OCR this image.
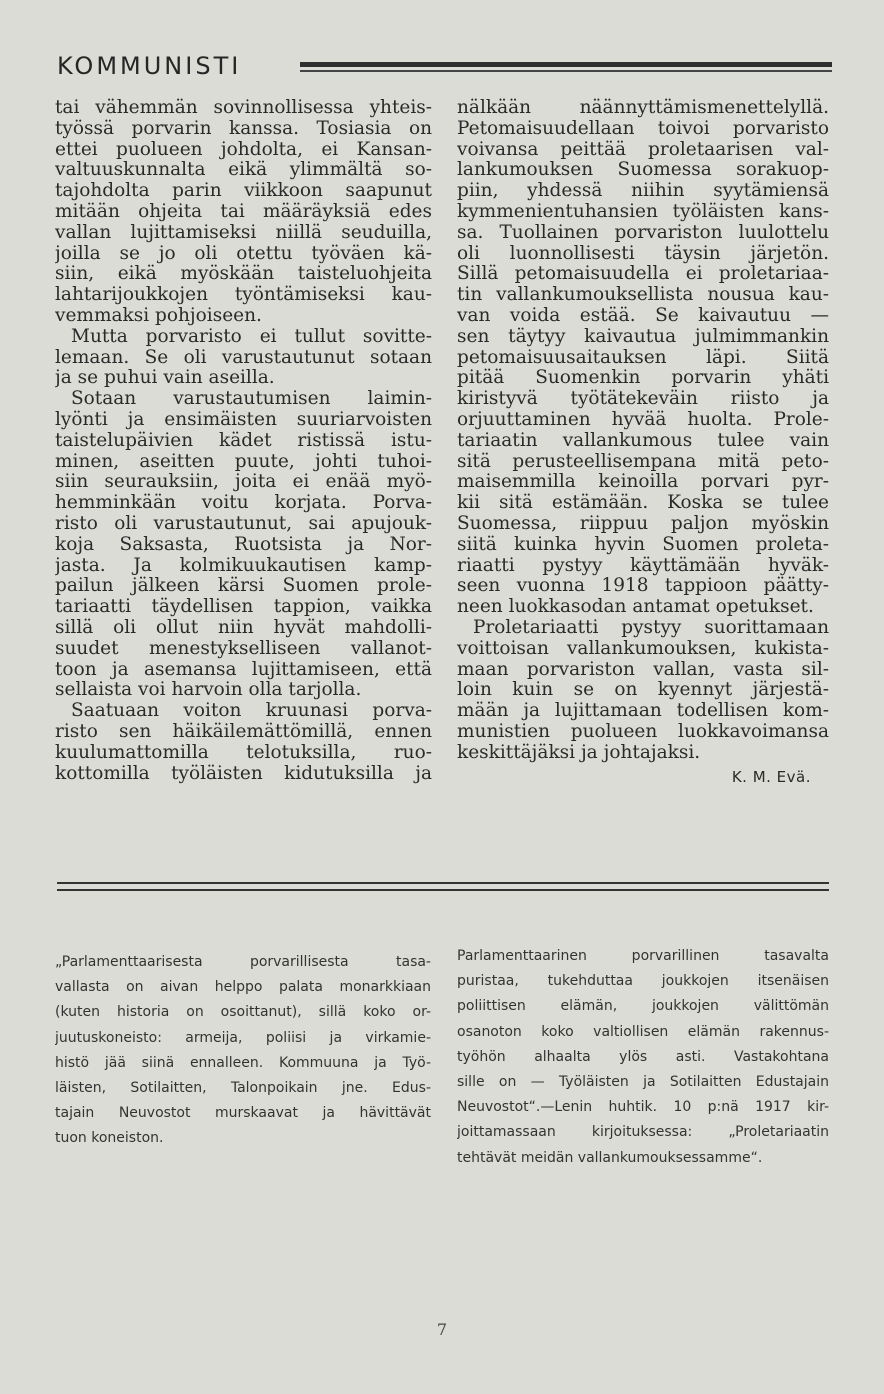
KOMMUNISTI
tai vähemmän sovinnollisessa yhteis-
työssä porvarin kanssa. Tosiasia on
ettei puolueen johdolta, ei Kansan-
valtuuskunnalta eikä ylimmältä so-
tajohdolta parin viikkoon saapunut
mitään ohjeita tai määräyksiä edes
vallan lujittamiseksi niillä seuduilla,
joilla se jo oli otettu työväen kä-
siin, eikä myöskään taisteluohjeita
lahtarijoukkojen työntämiseksi kau-
vemmaksi pohjoiseen.
Mutta porvaristo ei tullut sovitte-
lemaan. Se oli varustautunut sotaan
ja se puhui vain aseilla.
Sotaan varustautumisen laimin-
lyönti ja ensimäisten suuriarvoisten
taistelupäivien kädet ristissä istu-
minen, aseitten puute, johti tuhoi-
siin seurauksiin, joita ei enää myö-
hemminkään voitu korjata. Porva-
risto oli varustautunut, sai apujouk-
koja Saksasta, Ruotsista ja Nor-
jasta. Ja kolmikuukautisen kamp-
pailun jälkeen kärsi Suomen prole-
tariaatti täydellisen tappion, vaikka
sillä oli ollut niin hyvät mahdolli-
suudet menestykselliseen vallanot-
toon ja asemansa lujittamiseen, että
sellaista voi harvoin olla tarjolla.
Saatuaan voiton kruunasi porva-
risto sen häikäilemättömillä, ennen
kuulumattomilla telotuksilla, ruo-
kottomilla työläisten kidutuksilla ja
nälkään näännyttämismenettelyllä.
Petomaisuudellaan toivoi porvaristo
voivansa peittää proletaarisen val-
lankumouksen Suomessa sorakuop-
piin, yhdessä niihin syytämiensä
kymmenientuhansien työläisten kans-
sa. Tuollainen porvariston luulottelu
oli luonnollisesti täysin järjetön.
Sillä petomaisuudella ei proletariaa-
tin vallankumouksellista nousua kau-
van voida estää. Se kaivautuu —
sen täytyy kaivautua julmimmankin
petomaisuusaitauksen läpi. Siitä
pitää Suomenkin porvarin yhäti
kiristyvä työtätekeväin riisto ja
orjuuttaminen hyvää huolta. Prole-
tariaatin vallankumous tulee vain
sitä perusteellisempana mitä peto-
maisemmilla keinoilla porvari pyr-
kii sitä estämään. Koska se tulee
Suomessa, riippuu paljon myöskin
siitä kuinka hyvin Suomen proleta-
riaatti pystyy käyttämään hyväk-
seen vuonna 1918 tappioon päätty-
neen luokkasodan antamat opetukset.
Proletariaatti pystyy suorittamaan
voittoisan vallankumouksen, kukista-
maan porvariston vallan, vasta sil-
loin kuin se on kyennyt järjestä-
mään ja lujittamaan todellisen kom-
munistien puolueen luokkavoimansa
keskittäjäksi ja johtajaksi.
K. M. Evä.
„Parlamenttaarisesta porvarillisesta tasa-
vallasta on aivan helppo palata monarkkiaan
(kuten historia on osoittanut), sillä koko or-
juutuskoneisto: armeija, poliisi ja virkamie-
histö jää siinä ennalleen. Kommuuna ja Työ-
läisten, Sotilaitten, Talonpoikain jne. Edus-
tajain Neuvostot murskaavat ja hävittävät
tuon koneiston.
Parlamenttaarinen porvarillinen tasavalta
puristaa, tukehduttaa joukkojen itsenäisen
poliittisen elämän, joukkojen välittömän
osanoton koko valtiollisen elämän rakennus-
työhön alhaalta ylös asti. Vastakohtana
sille on — Työläisten ja Sotilaitten Edustajain
Neuvostot“.—Lenin huhtik. 10 p:nä 1917 kir-
joittamassaan kirjoituksessa: „Proletariaatin
tehtävät meidän vallankumouksessamme“.
7
